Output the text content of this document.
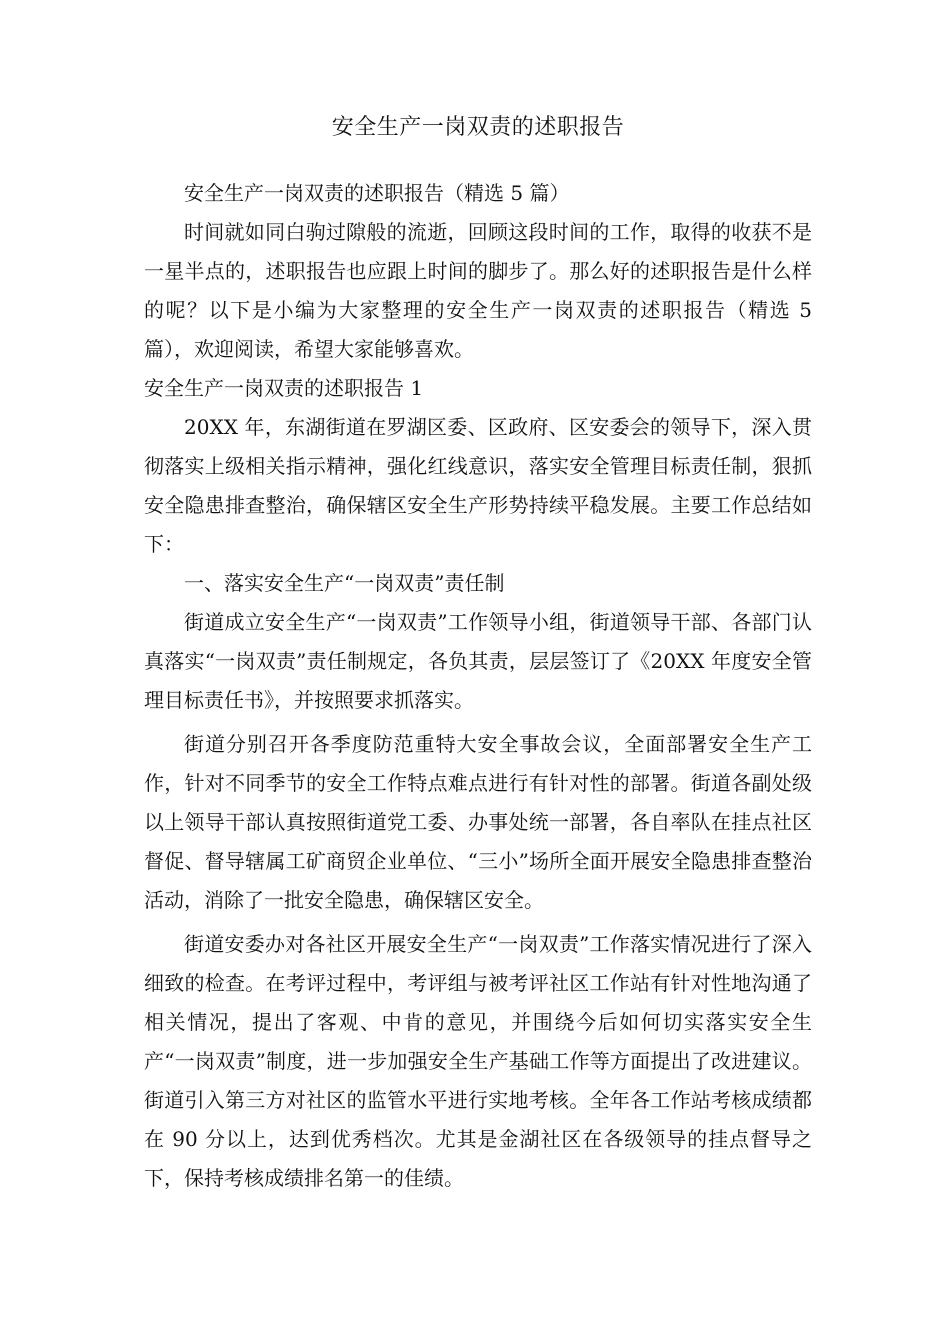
安全生产一岗双责的述职报告

安全生产一岗双责的述职报告（精选 5 篇）

时间就如同白驹过隙般的流逝，回顾这段时间的工作，取得的收获不是一星半点的，述职报告也应跟上时间的脚步了。那么好的述职报告是什么样的呢？以下是小编为大家整理的安全生产一岗双责的述职报告（精选 5 篇），欢迎阅读，希望大家能够喜欢。

安全生产一岗双责的述职报告 1

20XX 年，东湖街道在罗湖区委、区政府、区安委会的领导下，深入贯彻落实上级相关指示精神，强化红线意识，落实安全管理目标责任制，狠抓安全隐患排查整治，确保辖区安全生产形势持续平稳发展。主要工作总结如下：

一、落实安全生产“一岗双责”责任制

街道成立安全生产“一岗双责”工作领导小组，街道领导干部、各部门认真落实“一岗双责”责任制规定，各负其责，层层签订了《20XX 年度安全管理目标责任书》，并按照要求抓落实。

街道分别召开各季度防范重特大安全事故会议，全面部署安全生产工作，针对不同季节的安全工作特点难点进行有针对性的部署。街道各副处级以上领导干部认真按照街道党工委、办事处统一部署，各自率队在挂点社区督促、督导辖属工矿商贸企业单位、“三小”场所全面开展安全隐患排查整治活动，消除了一批安全隐患，确保辖区安全。

街道安委办对各社区开展安全生产“一岗双责”工作落实情况进行了深入细致的检查。在考评过程中，考评组与被考评社区工作站有针对性地沟通了相关情况，提出了客观、中肯的意见，并围绕今后如何切实落实安全生产“一岗双责”制度，进一步加强安全生产基础工作等方面提出了改进建议。街道引入第三方对社区的监管水平进行实地考核。全年各工作站考核成绩都在 90 分以上，达到优秀档次。尤其是金湖社区在各级领导的挂点督导之下，保持考核成绩排名第一的佳绩。
